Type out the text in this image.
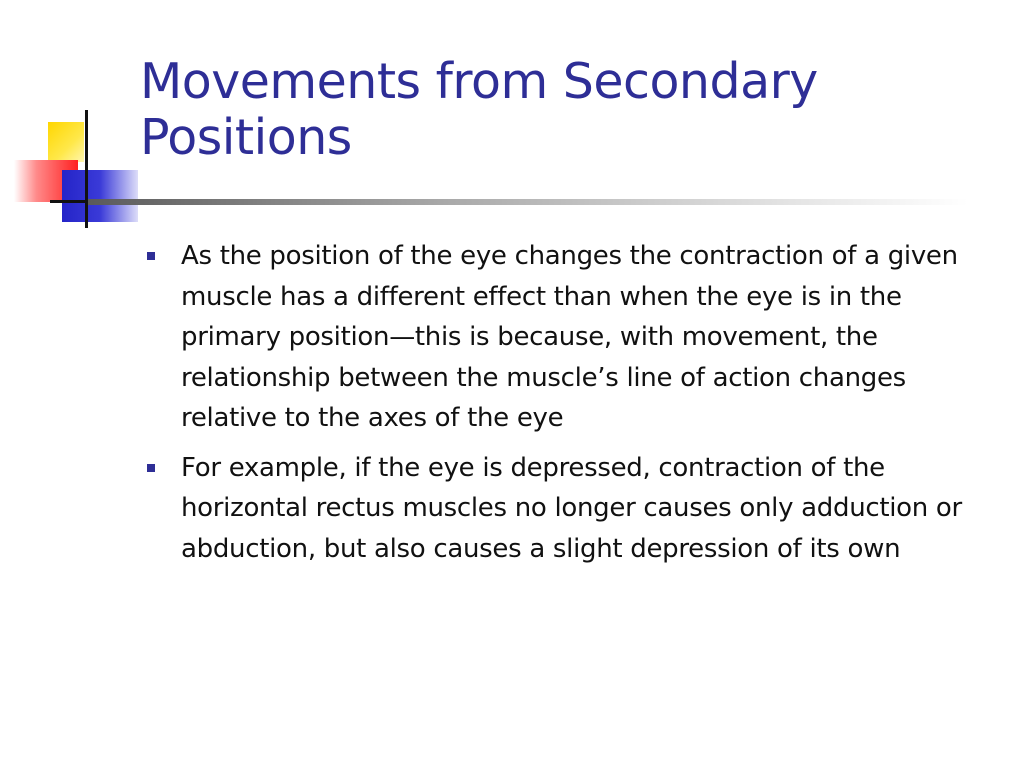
Movements from Secondary
Positions
As the position of the eye changes the contraction of a given muscle has a different effect than when the eye is in the primary position—this is because, with movement, the relationship between the muscle’s line of action changes relative to the axes of the eye
For example, if the eye is depressed, contraction of the horizontal rectus muscles no longer causes only adduction or abduction, but also causes a slight depression of its own
